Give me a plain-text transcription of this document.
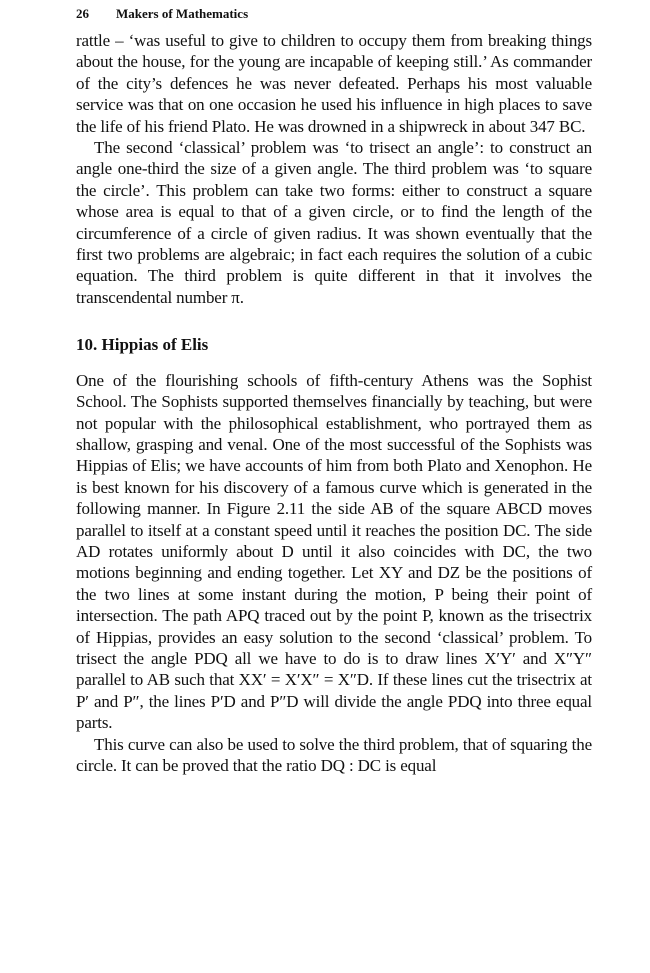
26	Makers of Mathematics

rattle – ‘was useful to give to children to occupy them from breaking things about the house, for the young are incapable of keeping still.’ As commander of the city’s defences he was never defeated. Perhaps his most valuable service was that on one occasion he used his influence in high places to save the life of his friend Plato. He was drowned in a shipwreck in about 347 BC.

The second ‘classical’ problem was ‘to trisect an angle’: to construct an angle one-third the size of a given angle. The third problem was ‘to square the circle’. This problem can take two forms: either to construct a square whose area is equal to that of a given circle, or to find the length of the circumference of a circle of given radius. It was shown eventually that the first two problems are algebraic; in fact each requires the solution of a cubic equation. The third problem is quite different in that it involves the transcendental number π.

10. Hippias of Elis

One of the flourishing schools of fifth-century Athens was the Sophist School. The Sophists supported themselves financially by teaching, but were not popular with the philosophical establishment, who portrayed them as shallow, grasping and venal. One of the most successful of the Sophists was Hippias of Elis; we have accounts of him from both Plato and Xenophon. He is best known for his discovery of a famous curve which is generated in the following manner. In Figure 2.11 the side AB of the square ABCD moves parallel to itself at a constant speed until it reaches the position DC. The side AD rotates uniformly about D until it also coincides with DC, the two motions beginning and ending together. Let XY and DZ be the positions of the two lines at some instant during the motion, P being their point of intersection. The path APQ traced out by the point P, known as the trisectrix of Hippias, provides an easy solution to the second ‘classical’ problem. To trisect the angle PDQ all we have to do is to draw lines X′Y′ and X″Y″ parallel to AB such that XX′ = X′X″ = X″D. If these lines cut the trisectrix at P′ and P″, the lines P′D and P″D will divide the angle PDQ into three equal parts.

This curve can also be used to solve the third problem, that of squaring the circle. It can be proved that the ratio DQ : DC is equal
